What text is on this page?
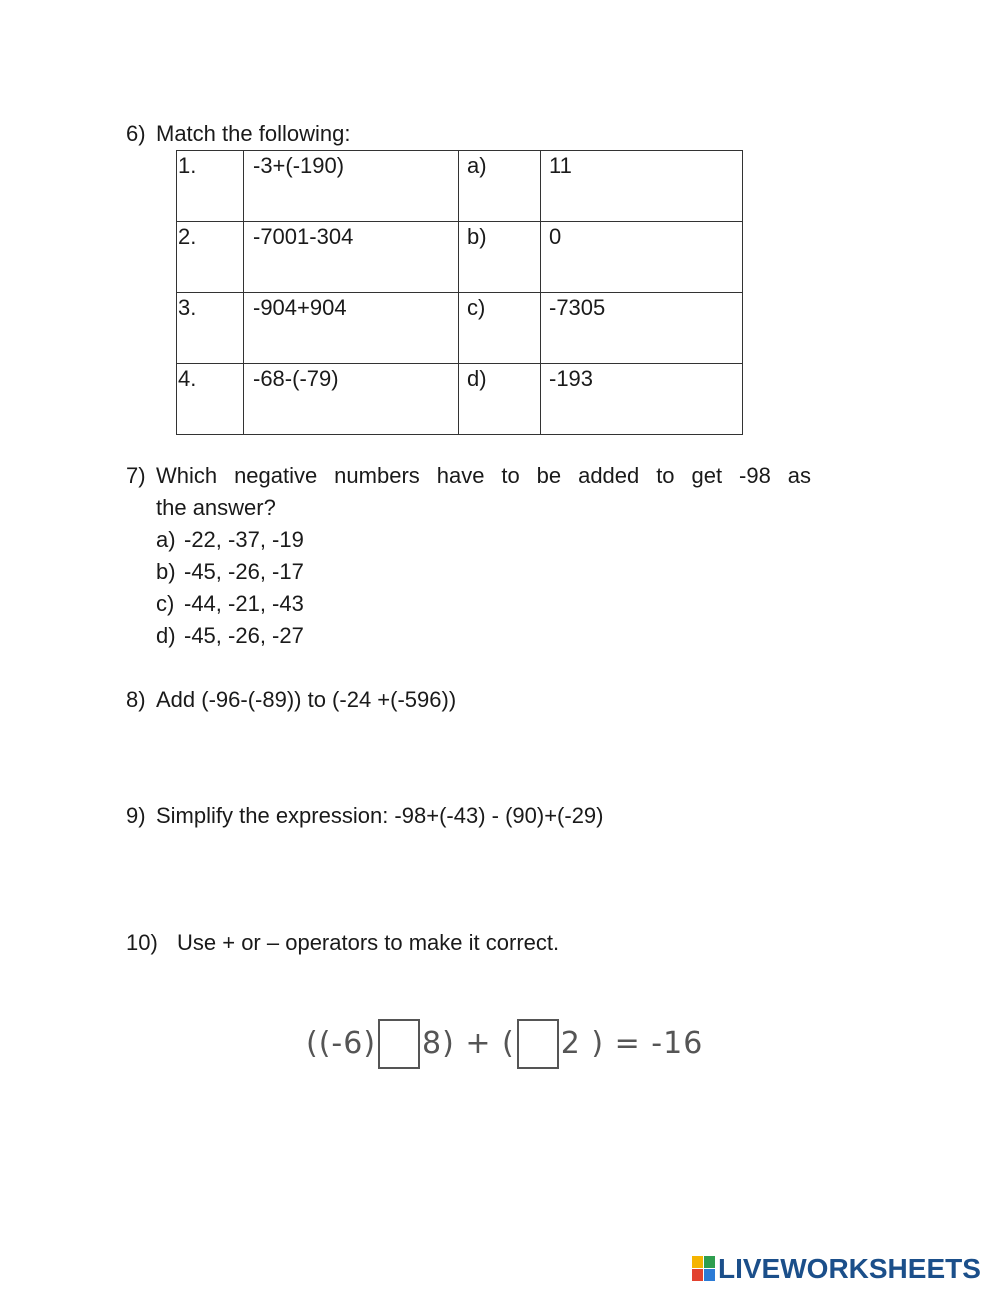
6) Match the following:
1.	-3+(-190)	a)	11
2.	-7001-304	b)	0
3.	-904+904	c)	-7305
4.	-68-(-79)	d)	-193
7) Which negative numbers have to be added to get -98 as
the answer?
a) -22, -37, -19
b) -45, -26, -17
c) -44, -21, -43
d) -45, -26, -27
8) Add (-96-(-89)) to (-24 +(-596))
9) Simplify the expression: -98+(-43) - (90)+(-29)
10) Use + or – operators to make it correct.
((-6) 8) + ( 2 ) = -16
LIVEWORKSHEETS
